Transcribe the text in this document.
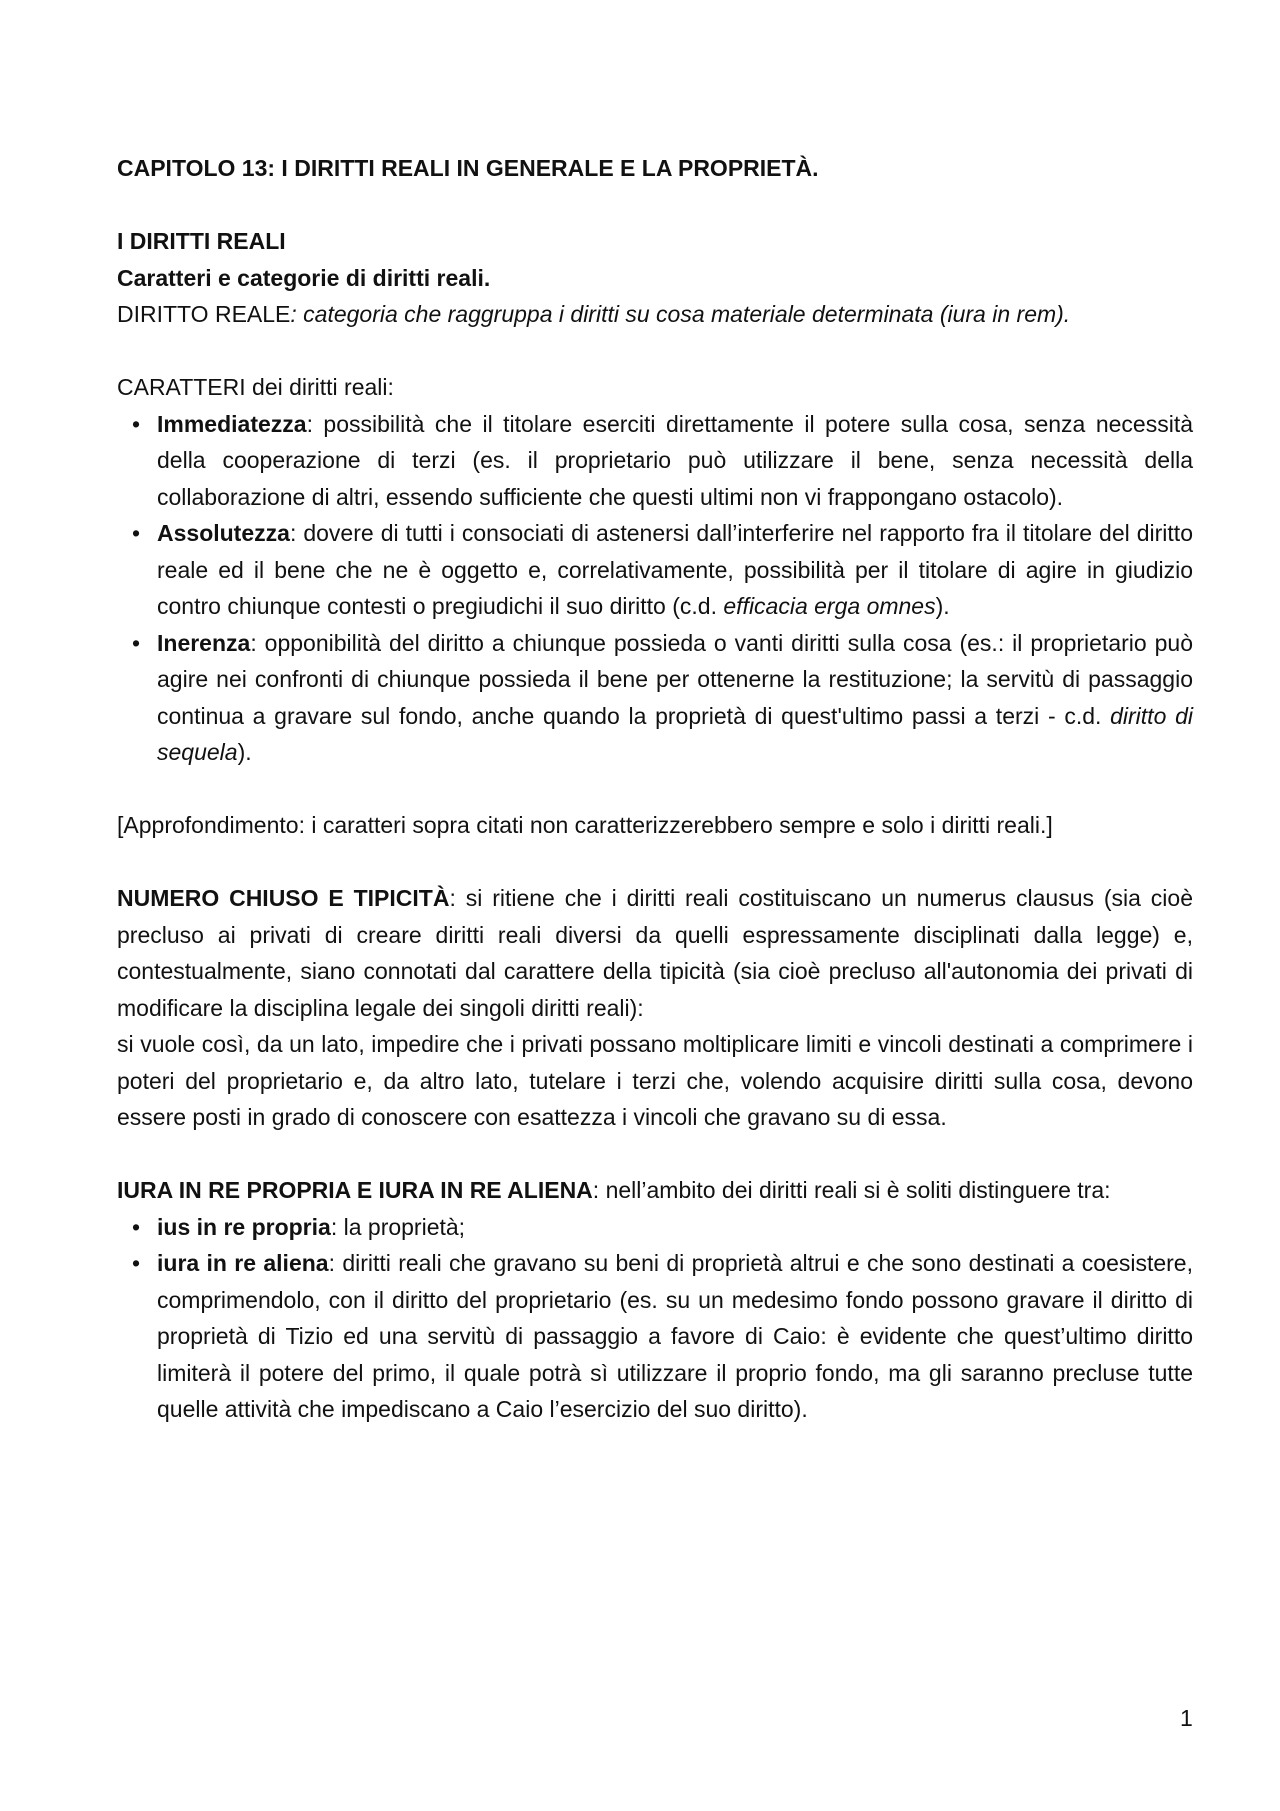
CAPITOLO 13: I DIRITTI REALI IN GENERALE E LA PROPRIETÀ.

I DIRITTI REALI

Caratteri e categorie di diritti reali.

DIRITTO REALE: categoria che raggruppa i diritti su cosa materiale determinata (iura in rem).

CARATTERI dei diritti reali:

• Immediatezza: possibilità che il titolare eserciti direttamente il potere sulla cosa, senza necessità della cooperazione di terzi (es. il proprietario può utilizzare il bene, senza necessità della collaborazione di altri, essendo sufficiente che questi ultimi non vi frappongano ostacolo).
• Assolutezza: dovere di tutti i consociati di astenersi dall’interferire nel rapporto fra il titolare del diritto reale ed il bene che ne è oggetto e, correlativamente, possibilità per il titolare di agire in giudizio contro chiunque contesti o pregiudichi il suo diritto (c.d. efficacia erga omnes).
• Inerenza: opponibilità del diritto a chiunque possieda o vanti diritti sulla cosa (es.: il proprietario può agire nei confronti di chiunque possieda il bene per ottenerne la restituzione; la servitù di passaggio continua a gravare sul fondo, anche quando la proprietà di quest'ultimo passi a terzi - c.d. diritto di sequela).

[Approfondimento: i caratteri sopra citati non caratterizzerebbero sempre e solo i diritti reali.]

NUMERO CHIUSO E TIPICITÀ: si ritiene che i diritti reali costituiscano un numerus clausus (sia cioè precluso ai privati di creare diritti reali diversi da quelli espressamente disciplinati dalla legge) e, contestualmente, siano connotati dal carattere della tipicità (sia cioè precluso all'autonomia dei privati di modificare la disciplina legale dei singoli diritti reali):

si vuole così, da un lato, impedire che i privati possano moltiplicare limiti e vincoli destinati a comprimere i poteri del proprietario e, da altro lato, tutelare i terzi che, volendo acquisire diritti sulla cosa, devono essere posti in grado di conoscere con esattezza i vincoli che gravano su di essa.

IURA IN RE PROPRIA E IURA IN RE ALIENA: nell’ambito dei diritti reali si è soliti distinguere tra:

• ius in re propria: la proprietà;
• iura in re aliena: diritti reali che gravano su beni di proprietà altrui e che sono destinati a coesistere, comprimendolo, con il diritto del proprietario (es. su un medesimo fondo possono gravare il diritto di proprietà di Tizio ed una servitù di passaggio a favore di Caio: è evidente che quest’ultimo diritto limiterà il potere del primo, il quale potrà sì utilizzare il proprio fondo, ma gli saranno precluse tutte quelle attività che impediscano a Caio l’esercizio del suo diritto).
1
